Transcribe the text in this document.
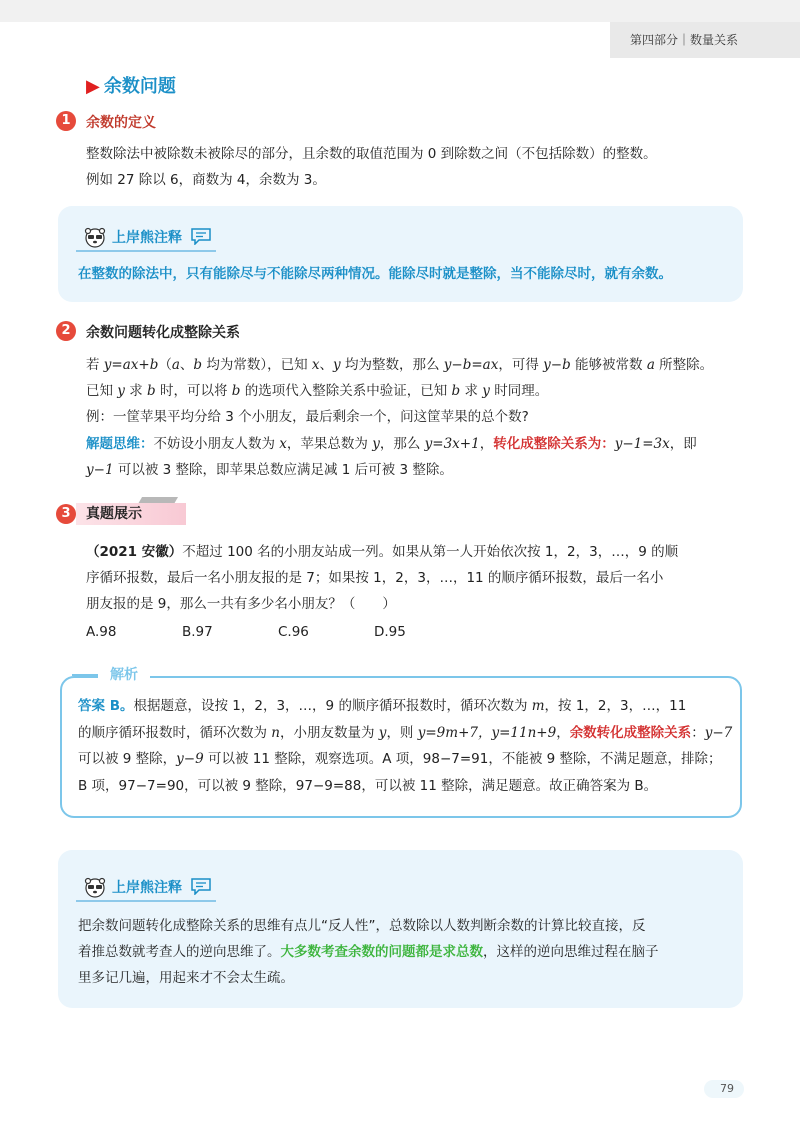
第四部分｜数量关系
▶ 余数问题
1	余数的定义
整数除法中被除数未被除尽的部分，且余数的取值范围为 0 到除数之间（不包括除数）的整数。
例如 27 除以 6，商数为 4，余数为 3。
上岸熊注释
在整数的除法中，只有能除尽与不能除尽两种情况。能除尽时就是整除，当不能除尽时，就有余数。
2	余数问题转化成整除关系
若 y=ax+b（a、b 均为常数），已知 x、y 均为整数，那么 y−b=ax，可得 y−b 能够被常数 a 所整除。
已知 y 求 b 时，可以将 b 的选项代入整除关系中验证，已知 b 求 y 时同理。
例：一筐苹果平均分给 3 个小朋友，最后剩余一个，问这筐苹果的总个数?
解题思维：不妨设小朋友人数为 x，苹果总数为 y，那么 y=3x+1，转化成整除关系为：y−1=3x，即
y−1 可以被 3 整除，即苹果总数应满足减 1 后可被 3 整除。
真题展示
3
（2021 安徽）不超过 100 名的小朋友站成一列。如果从第一人开始依次按 1，2，3，…，9 的顺
序循环报数，最后一名小朋友报的是 7；如果按 1，2，3，…，11 的顺序循环报数，最后一名小
朋友报的是 9，那么一共有多少名小朋友？（　　）
A.98	B.97	C.96	D.95
解析
答案 B。根据题意，设按 1，2，3，…，9 的顺序循环报数时，循环次数为 m，按 1，2，3，…，11
的顺序循环报数时，循环次数为 n，小朋友数量为 y，则 y=9m+7，y=11n+9，余数转化成整除关系：y−7
可以被 9 整除，y−9 可以被 11 整除，观察选项。A 项，98−7=91，不能被 9 整除，不满足题意，排除；
B 项，97−7=90，可以被 9 整除，97−9=88，可以被 11 整除，满足题意。故正确答案为 B。
上岸熊注释
把余数问题转化成整除关系的思维有点儿“反人性”，总数除以人数判断余数的计算比较直接，反
着推总数就考查人的逆向思维了。大多数考查余数的问题都是求总数，这样的逆向思维过程在脑子
里多记几遍，用起来才不会太生疏。
79
